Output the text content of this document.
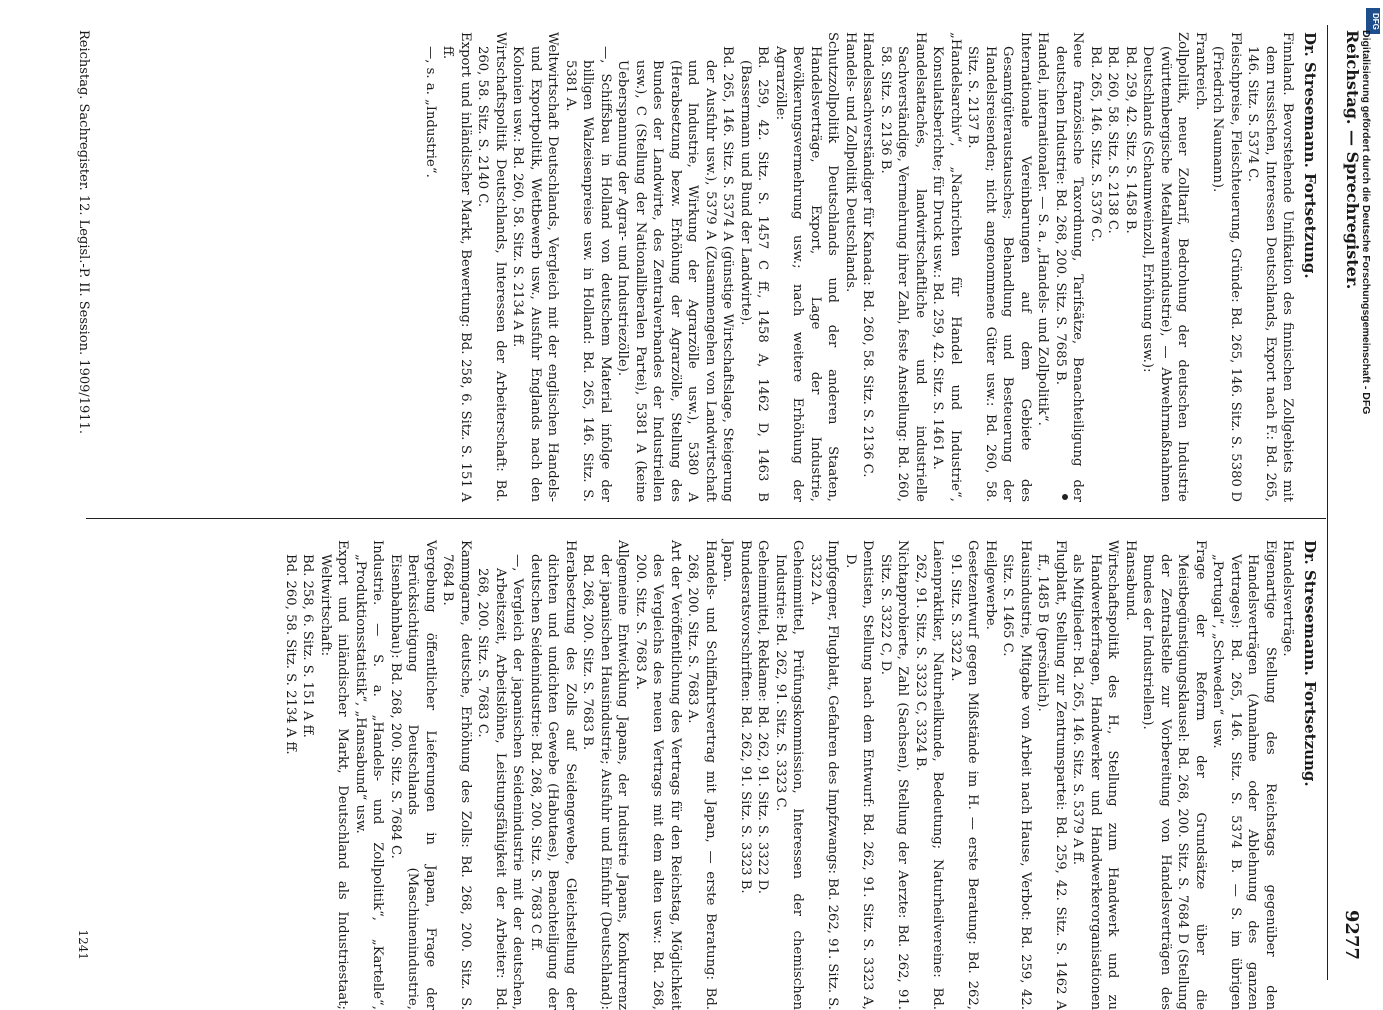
Reichstag. — Sprechregister.
9277

Dr. Stresemann. Fortsetzung.

Finnland. Bevorstehende Unifikation des finnischen Zollgebiets mit dem russischen, Interessen Deutschlands, Export nach F.: Bd. 265, 146. Sitz. S. 5374 C.

Fleischpreise, Fleischteuerung, Gründe: Bd. 265, 146. Sitz. S. 5380 D (Friedrich Naumann).

Frankreich.

Zollpolitik, neuer Zolltarif, Bedrohung der deutschen Industrie (württembergische Metallwarenindustrie), — Abwehrmaßnahmen Deutschlands (Schaumweinzoll, Erhöhung usw.):

Bd. 259, 42. Sitz. S. 1458 B.

Bd. 260, 58. Sitz. S. 2138 C.

Bd. 265, 146. Sitz. S. 5376 C.

Neue französische Taxordnung, Tarifsätze, Benachteiligung der deutschen Industrie: Bd. 268, 200. Sitz. S. 7685 B.

Handel, internationaler. — S. a. „Handels- und Zollpolitik“.

Internationale Vereinbarungen auf dem Gebiete des Gesamtgüteraustausches; Behandlung und Besteuerung der Handelsreisenden; nicht angenommene Güter usw.: Bd. 260, 58. Sitz. S. 2137 B.

„Handelsarchiv“, „Nachrichten für Handel und Industrie“, Konsulatsberichte; für Druck usw.: Bd. 259, 42. Sitz. S. 1461 A.

Handelsattachés, landwirtschaftliche und industrielle Sachverständige, Vermehrung ihrer Zahl, feste Anstellung: Bd. 260, 58. Sitz. S. 2136 B.

Handelssachverständiger für Kanada: Bd. 260, 58. Sitz. S. 2136 C.

Handels- und Zollpolitik Deutschlands.

Schutzzollpolitik Deutschlands und der anderen Staaten, Handelsverträge, Export, Lage der Industrie, Bevölkerungsvermehrung usw.; nach weitere Erhöhung der Agrarzölle:

Bd. 259, 42. Sitz. S. 1457 C ff., 1458 A, 1462 D, 1463 B (Bassermann und Bund der Landwirte).

Bd. 265, 146. Sitz. S. 5374 A (günstige Wirtschaftslage, Steigerung der Ausfuhr usw.), 5379 A (Zusammengehen von Landwirtschaft und Industrie, Wirkung der Agrarzölle usw.), 5380 A (Herabsetzung bezw. Erhöhung der Agrarzölle, Stellung des Bundes der Landwirte, des Zentralverbandes der Industriellen usw.), C (Stellung der Nationalliberalen Partei), 5381 A (keine Ueberspannung der Agrar- und Industriezölle).

—, Schiffsbau in Holland von deutschem Material infolge der billigen Walzeisenpreise usw. in Holland: Bd. 265, 146. Sitz. S. 5381 A.

Weltwirtschaft Deutschlands, Vergleich mit der englischen Handels- und Exportpolitik, Wettbewerb usw., Ausfuhr Englands nach den Kolonien usw.: Bd. 260, 58. Sitz. S. 2134 A ff.

Wirtschaftspolitik Deutschlands, Interessen der Arbeiterschaft: Bd. 260, 58. Sitz. S. 2140 C.

Export und inländischer Markt, Bewertung: Bd. 258, 6. Sitz. S. 151 A ff.

—, s. a. „Industrie“.

Dr. Stresemann. Fortsetzung.

Handelsverträge.

Eigenartige Stellung des Reichstags gegenüber den Handelsverträgen (Annahme oder Ablehnung des ganzen Vertrages): Bd. 265, 146. Sitz. S. 5374 B. — S. im übrigen „Portugal“, „Schweden“ usw.

Frage der Reform der Grundsätze über die Meistbegünstigungsklausel: Bd. 268, 200. Sitz. S. 7684 D (Stellung der Zentralstelle zur Vorbereitung von Handelsverträgen des Bundes der Industriellen).

Hansabund.

Wirtschaftspolitik des H., Stellung zum Handwerk und zu Handwerkerfragen, Handwerker und Handwerkerorganisationen als Mitglieder: Bd. 265, 146. Sitz. S. 5379 A ff.

Flugblatt, Stellung zur Zentrumspartei: Bd. 259, 42. Sitz. S. 1462 A ff., 1485 B (persönlich).

Hausindustrie, Mitgabe von Arbeit nach Hause, Verbot: Bd. 259, 42. Sitz. S. 1465 C.

Heilgewerbe.

Gesetzentwurf gegen Mißstände im H. — erste Beratung: Bd. 262, 91. Sitz. S. 3322 A.

Laienpraktiker, Naturheilkunde, Bedeutung; Naturheilvereine: Bd. 262, 91. Sitz. S. 3323 C, 3324 B.

Nichtapprobierte, Zahl (Sachsen), Stellung der Aerzte: Bd. 262, 91. Sitz. S. 3322 C, D.

Dentisten, Stellung nach dem Entwurf: Bd. 262, 91. Sitz. S. 3323 A, D.

Impfgegner, Flugblatt, Gefahren des Impfzwangs: Bd. 262, 91. Sitz. S. 3322 A.

Geheimmittel, Prüfungskommission, Interessen der chemischen Industrie: Bd. 262, 91. Sitz. S. 3323 C.

Geheimmittel, Reklame: Bd. 262, 91. Sitz. S. 3322 D.

Bundesratsvorschriften: Bd. 262, 91. Sitz. S. 3323 B.

Japan.

Handels- und Schiffahrtsvertrag mit Japan, — erste Beratung: Bd. 268, 200. Sitz. S. 7683 A.

Art der Veröffentlichung des Vertrags für den Reichstag, Möglichkeit des Vergleichs des neuen Vertrags mit dem alten usw.: Bd. 268, 200. Sitz. S. 7683 A.

Allgemeine Entwicklung Japans, der Industrie Japans, Konkurrenz der japanischen Hausindustrie; Ausfuhr und Einfuhr (Deutschland): Bd. 268, 200. Sitz. S. 7683 B.

Herabsetzung des Zolls auf Seidengewebe, Gleichstellung der dichten und undichten Gewebe (Habutaes), Benachteiligung der deutschen Seidenindustrie: Bd. 268, 200. Sitz. S. 7683 C ff.

—, Vergleich der japanischen Seidenindustrie mit der deutschen, Arbeitszeit, Arbeitslöhne, Leistungsfähigkeit der Arbeiter: Bd. 268, 200. Sitz. S. 7683 C.

Kammgarne, deutsche, Erhöhung des Zolls: Bd. 268, 200. Sitz. S. 7684 B.

Vergebung öffentlicher Lieferungen in Japan, Frage der Berücksichtigung Deutschlands (Maschinenindustrie, Eisenbahnbau): Bd. 268, 200. Sitz. S. 7684 C.

Industrie. — S. a. „Handels- und Zollpolitik“, „Kartelle“, „Produktionsstatistik“, „Hansabund“ usw.

Export und inländischer Markt, Deutschland als Industriestaat; Weltwirtschaft:

Bd. 258, 6. Sitz. S. 151 A ff.

Bd. 260, 58. Sitz. S. 2134 A ff.

Reichstag. Sachregister. 12. Legisl.-P. II. Session. 1909/1911.
1241
DFG
Digitalisierung gefördert durch die Deutsche Forschungsgemeinschaft - DFG
